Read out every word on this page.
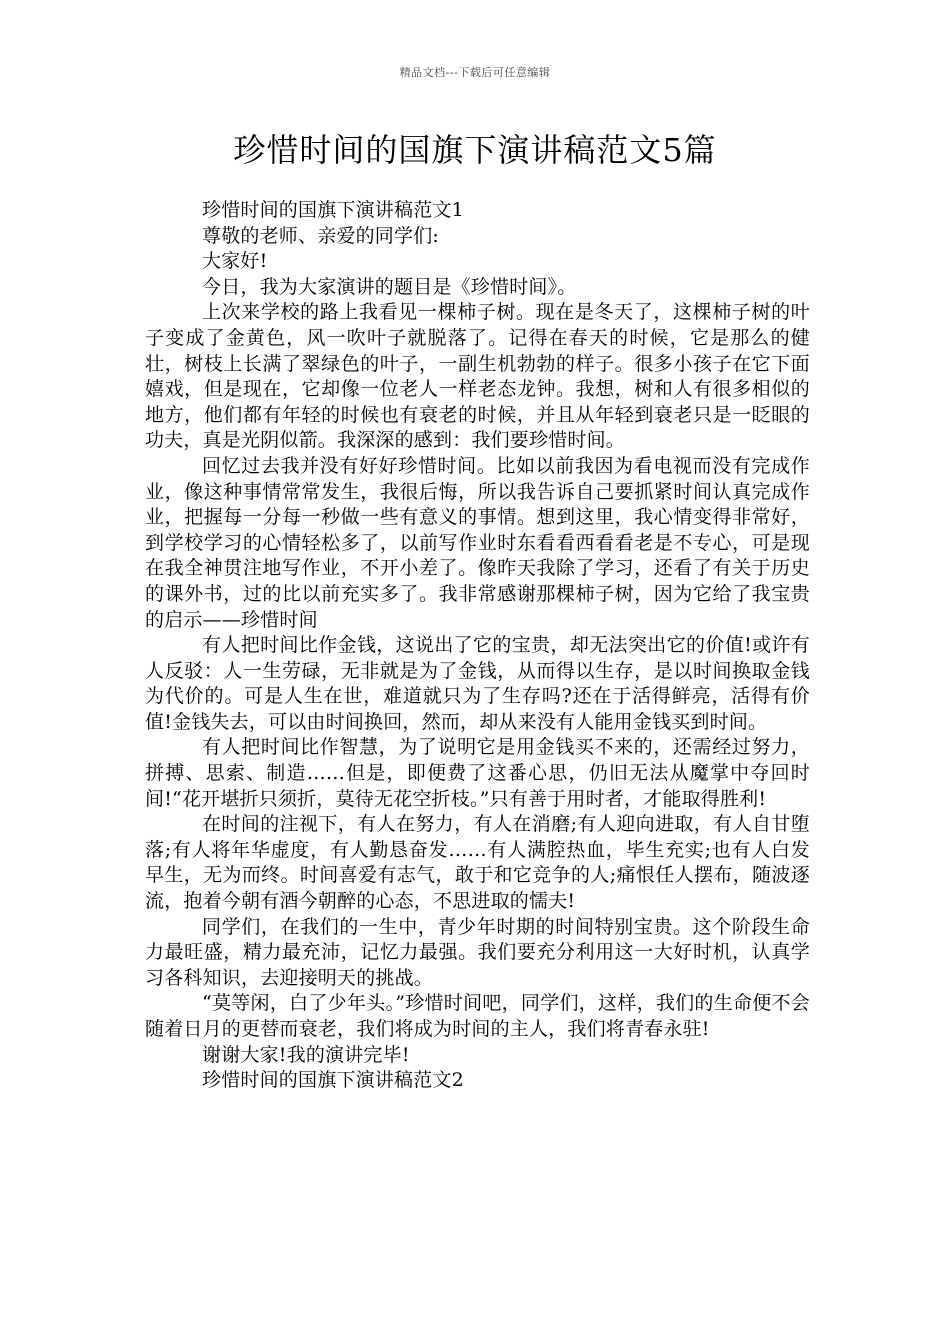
精品文档---下载后可任意编辑
珍惜时间的国旗下演讲稿范文5篇

珍惜时间的国旗下演讲稿范文1

尊敬的老师、亲爱的同学们:

大家好!

今日，我为大家演讲的题目是《珍惜时间》。

上次来学校的路上我看见一棵柿子树。现在是冬天了，这棵柿子树的叶子变成了金黄色，风一吹叶子就脱落了。记得在春天的时候，它是那么的健壮，树枝上长满了翠绿色的叶子，一副生机勃勃的样子。很多小孩子在它下面嬉戏，但是现在，它却像一位老人一样老态龙钟。我想，树和人有很多相似的地方，他们都有年轻的时候也有衰老的时候，并且从年轻到衰老只是一眨眼的功夫，真是光阴似箭。我深深的感到：我们要珍惜时间。

回忆过去我并没有好好珍惜时间。比如以前我因为看电视而没有完成作业，像这种事情常常发生，我很后悔，所以我告诉自己要抓紧时间认真完成作业，把握每一分每一秒做一些有意义的事情。想到这里，我心情变得非常好，到学校学习的心情轻松多了，以前写作业时东看看西看看老是不专心，可是现在我全神贯注地写作业，不开小差了。像昨天我除了学习，还看了有关于历史的课外书，过的比以前充实多了。我非常感谢那棵柿子树，因为它给了我宝贵的启示——珍惜时间

有人把时间比作金钱，这说出了它的宝贵，却无法突出它的价值!或许有人反驳：人一生劳碌，无非就是为了金钱，从而得以生存，是以时间换取金钱为代价的。可是人生在世，难道就只为了生存吗?还在于活得鲜亮，活得有价值!金钱失去，可以由时间换回，然而，却从来没有人能用金钱买到时间。

有人把时间比作智慧，为了说明它是用金钱买不来的，还需经过努力，拼搏、思索、制造……但是，即便费了这番心思，仍旧无法从魔掌中夺回时间!“花开堪折只须折，莫待无花空折枝。”只有善于用时者，才能取得胜利!

在时间的注视下，有人在努力，有人在消磨;有人迎向进取，有人自甘堕落;有人将年华虚度，有人勤恳奋发……有人满腔热血，毕生充实;也有人白发早生，无为而终。时间喜爱有志气，敢于和它竞争的人;痛恨任人摆布，随波逐流，抱着今朝有酒今朝醉的心态，不思进取的懦夫!

同学们，在我们的一生中，青少年时期的时间特别宝贵。这个阶段生命力最旺盛，精力最充沛，记忆力最强。我们要充分利用这一大好时机，认真学习各科知识，去迎接明天的挑战。

“莫等闲，白了少年头。”珍惜时间吧，同学们，这样，我们的生命便不会随着日月的更替而衰老，我们将成为时间的主人，我们将青春永驻!

谢谢大家!我的演讲完毕!

珍惜时间的国旗下演讲稿范文2
